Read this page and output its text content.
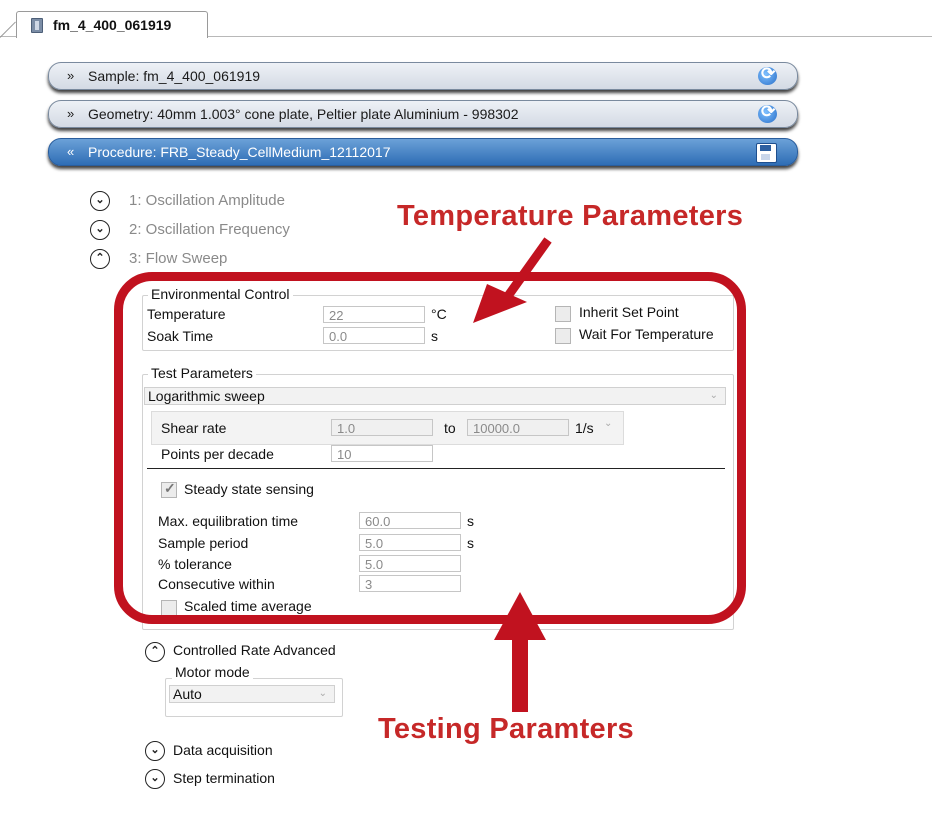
fm_4_400_061919
» Sample: fm_4_400_061919
⟳
» Geometry: 40mm 1.003° cone plate, Peltier plate Aluminium - 998302
⟳
« Procedure: FRB_Steady_CellMedium_12112017
⌄	1: Oscillation Amplitude
⌄	2: Oscillation Frequency
⌃	3: Flow Sweep
Environmental Control
Temperature	22	°C
Soak Time	0.0	s
Inherit Set Point
Wait For Temperature
Test Parameters
Logarithmic sweep	⌄
Shear rate	1.0	to	10000.0	1/s ⌄
Points per decade	10
✓
Steady state sensing
Max. equilibration time	60.0	s
Sample period	5.0	s
% tolerance	5.0
Consecutive within	3
Scaled time average
⌃ Controlled Rate Advanced
Motor mode
Auto	⌄
⌄ Data acquisition
⌄ Step termination
Temperature Parameters
Testing Paramters
